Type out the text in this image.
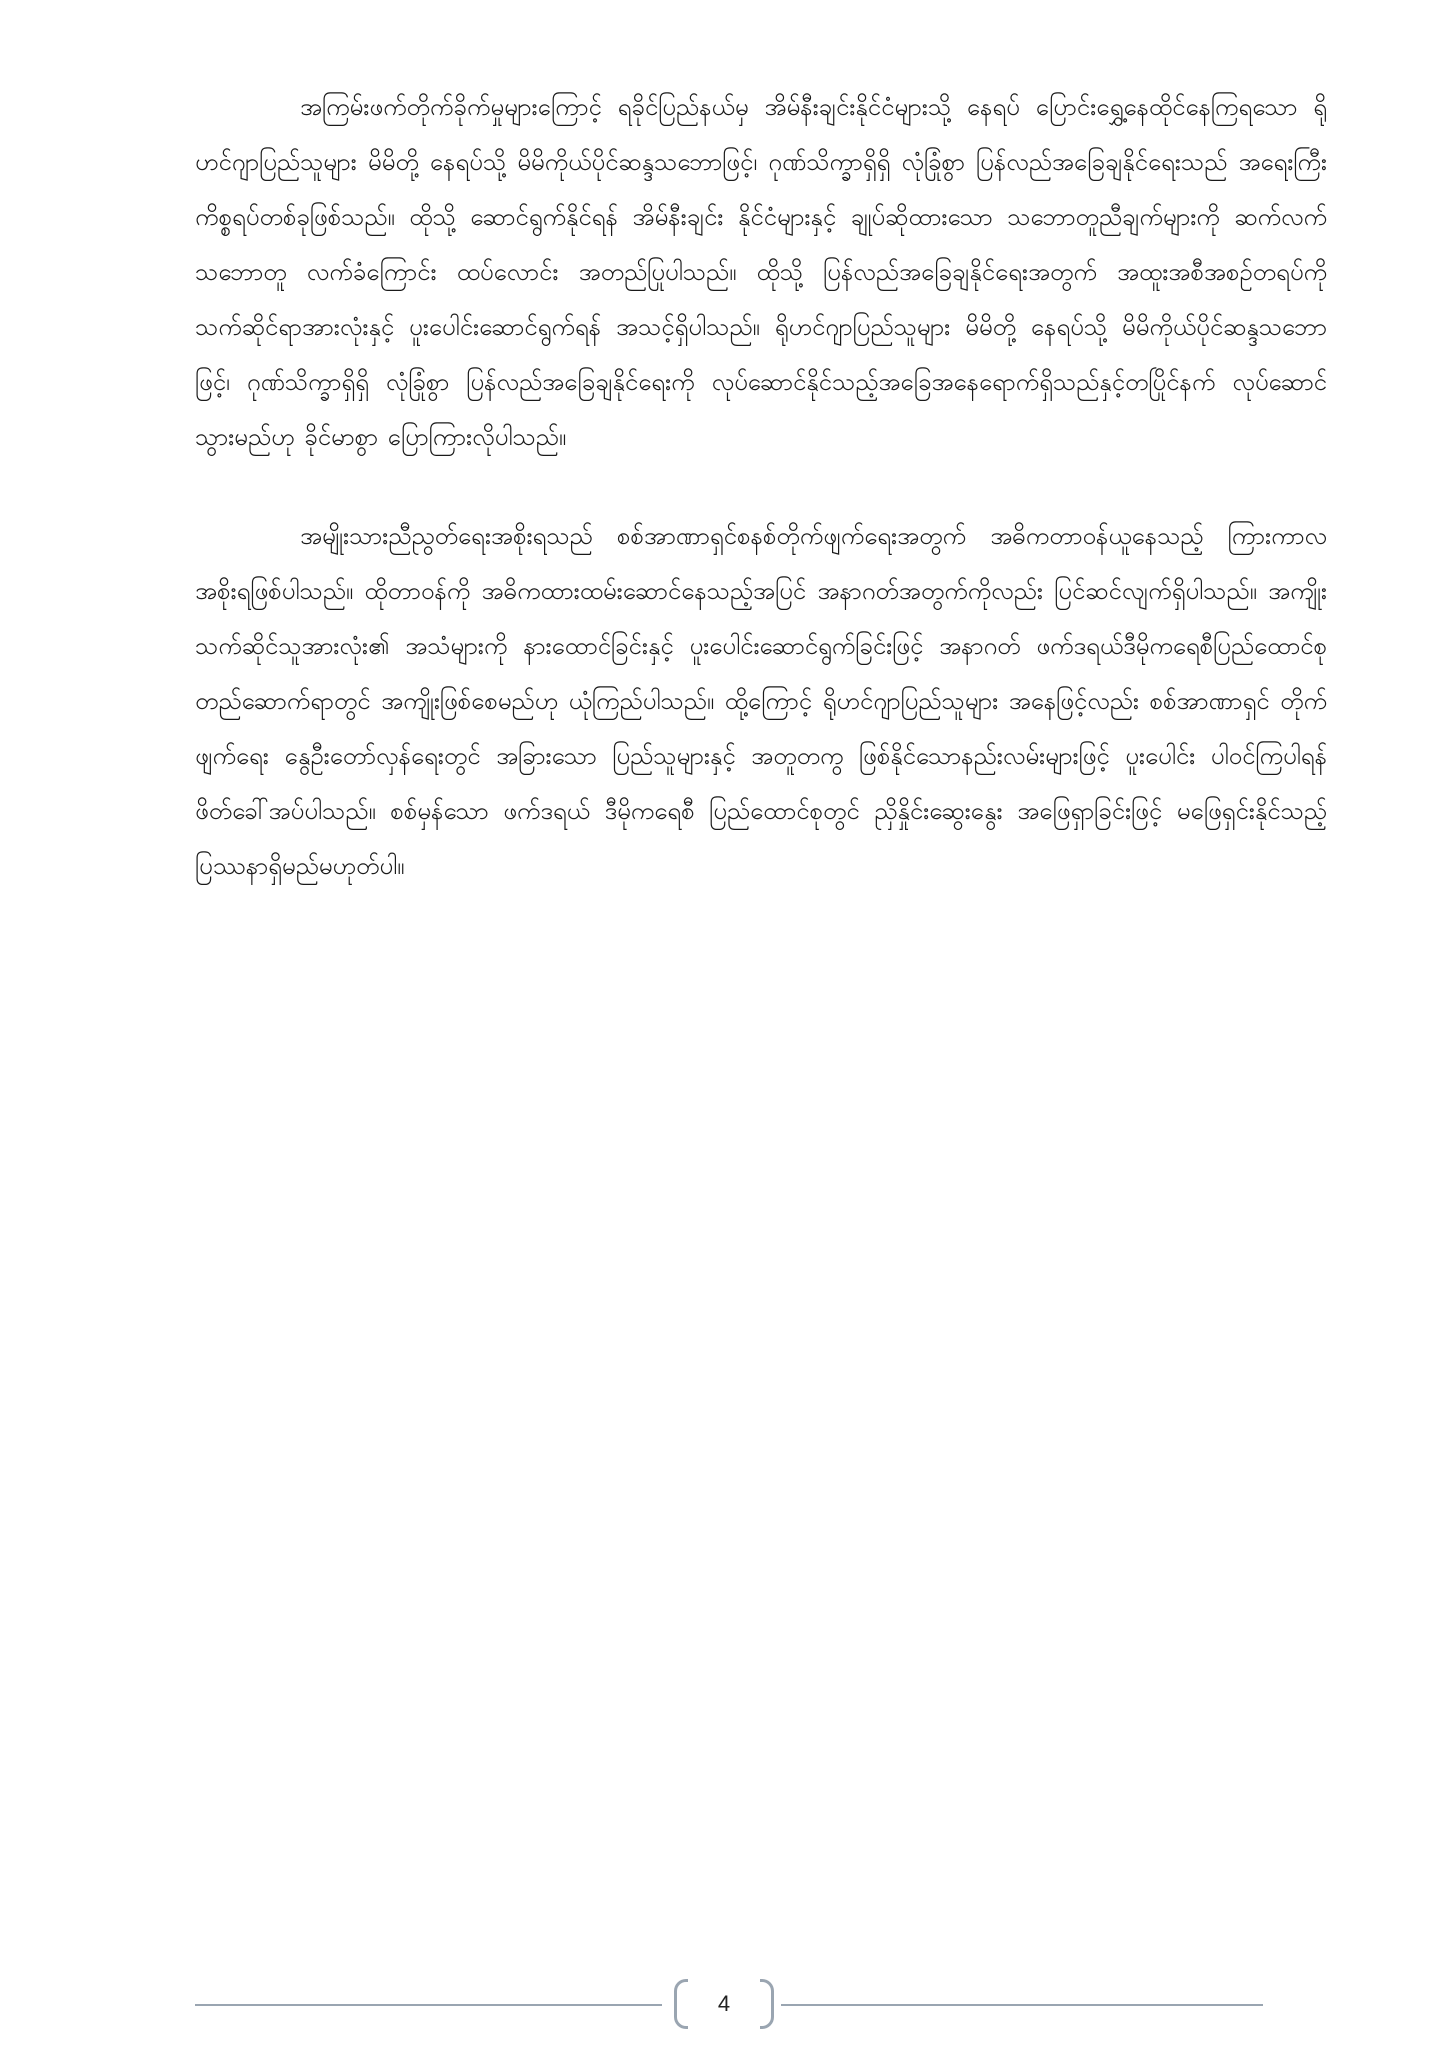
အကြမ်းဖက်တိုက်ခိုက်မှုများကြောင့် ရခိုင်ပြည်နယ်မှ အိမ်နီးချင်းနိုင်ငံများသို့ နေရပ် ပြောင်းရွှေ့နေထိုင်နေကြရသော ရိုဟင်ဂျာပြည်သူများ မိမိတို့ နေရပ်သို့ မိမိကိုယ်ပိုင်ဆန္ဒသဘောဖြင့်၊ ဂုဏ်သိက္ခာရှိရှိ လုံခြုံစွာ ပြန်လည်အခြေချနိုင်ရေးသည် အရေးကြီးကိစ္စရပ်တစ်ခုဖြစ်သည်။ ထိုသို့ ဆောင်ရွက်နိုင်ရန် အိမ်နီးချင်း နိုင်ငံများနှင့် ချုပ်ဆိုထားသော သဘောတူညီချက်များကို ဆက်လက်သဘောတူ လက်ခံကြောင်း ထပ်လောင်း အတည်ပြုပါသည်။ ထိုသို့ ပြန်လည်အခြေချနိုင်ရေးအတွက် အထူးအစီအစဉ်တရပ်ကို သက်ဆိုင်ရာအားလုံးနှင့် ပူးပေါင်းဆောင်ရွက်ရန် အသင့်ရှိပါသည်။ ရိုဟင်ဂျာပြည်သူများ မိမိတို့ နေရပ်သို့ မိမိကိုယ်ပိုင်ဆန္ဒသဘောဖြင့်၊ ဂုဏ်သိက္ခာရှိရှိ လုံခြုံစွာ ပြန်လည်အခြေချနိုင်ရေးကို လုပ်ဆောင်နိုင်သည့်အခြေအနေရောက်ရှိသည်နှင့်တပြိုင်နက် လုပ်ဆောင်သွားမည်ဟု ခိုင်မာစွာ ပြောကြားလိုပါသည်။

အမျိုးသားညီညွတ်ရေးအစိုးရသည် စစ်အာဏာရှင်စနစ်တိုက်ဖျက်ရေးအတွက် အဓိကတာဝန်ယူနေသည့် ကြားကာလအစိုးရဖြစ်ပါသည်။ ထိုတာဝန်ကို အဓိကထားထမ်းဆောင်နေသည့်အပြင် အနာဂတ်အတွက်ကိုလည်း ပြင်ဆင်လျက်ရှိပါသည်။ အကျိုးသက်ဆိုင်သူအားလုံး၏ အသံများကို နားထောင်ခြင်းနှင့် ပူးပေါင်းဆောင်ရွက်ခြင်းဖြင့် အနာဂတ် ဖက်ဒရယ်ဒီမိုကရေစီပြည်ထောင်စု တည်ဆောက်ရာတွင် အကျိုးဖြစ်စေမည်ဟု ယုံကြည်ပါသည်။ ထို့ကြောင့် ရိုဟင်ဂျာပြည်သူများ အနေဖြင့်လည်း စစ်အာဏာရှင် တိုက်ဖျက်ရေး နွေဦးတော်လှန်ရေးတွင် အခြားသော ပြည်သူများနှင့် အတူတကွ ဖြစ်နိုင်သောနည်းလမ်းများဖြင့် ပူးပေါင်း ပါဝင်ကြပါရန် ဖိတ်ခေါ်အပ်ပါသည်။ စစ်မှန်သော ဖက်ဒရယ် ဒီမိုကရေစီ ပြည်ထောင်စုတွင် ညှိနှိုင်းဆွေးနွေး အဖြေရှာခြင်းဖြင့် မဖြေရှင်းနိုင်သည့် ပြဿနာရှိမည်မဟုတ်ပါ။

4
